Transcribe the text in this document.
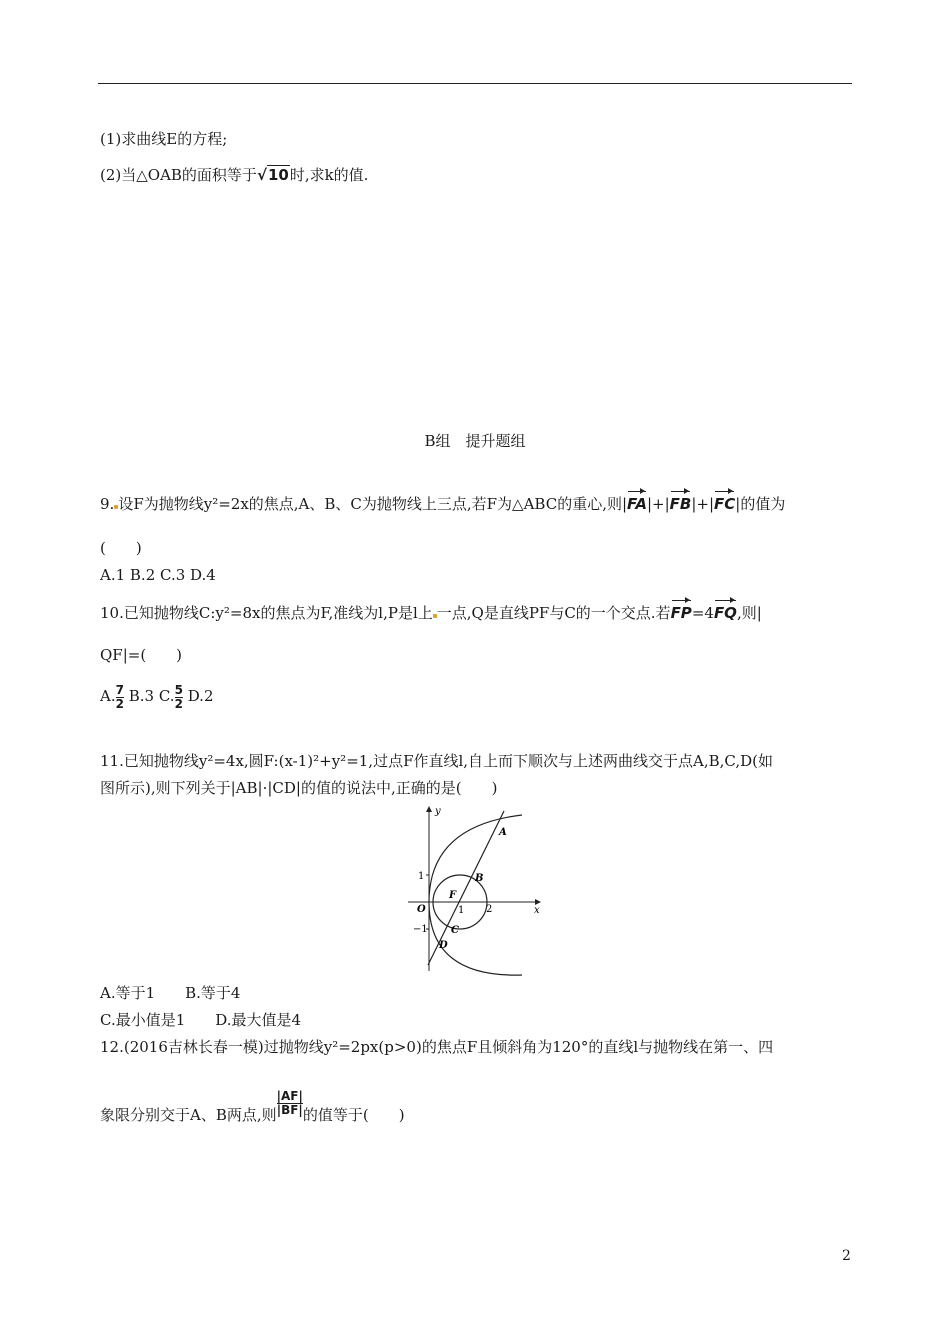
(1)求曲线E的方程;
(2)当△OAB的面积等于√10时,求k的值.
B组　提升题组
9. 设F为抛物线y²=2x的焦点,A、B、C为抛物线上三点,若F为△ABC的重心,则|FA|+|FB|+|FC|的值为
(　　)
A.1 B.2 C.3 D.4
10.已知抛物线C:y²=8x的焦点为F,准线为l,P是l上 一点,Q是直线PF与C的一个交点.若FP=4FQ,则|
QF|=(　　)
A. $\frac{7}{2} B.3$ C. $\frac{5}{2} D.2$
11.已知抛物线y²=4x,圆F:(x-1)²+y²=1,过点F作直线l,自上而下顺次与上述两曲线交于点A,B,C,D(如
图所示),则下列关于|AB|·|CD|的值的说法中,正确的是(　　)
y
x
A
B
C
D
F
O
1
−1
1 2
A.等于1　　B.等于4
C.最小值是1　　D.最大值是4
12.(2016吉林长春一模)过抛物线y²=2px(p>0)的焦点F且倾斜角为120°的直线l与抛物线在第一、四
象限分别交于A、B两点,则 $\frac{|AF|}{|BF|}$ 的值等于(　　)
2
